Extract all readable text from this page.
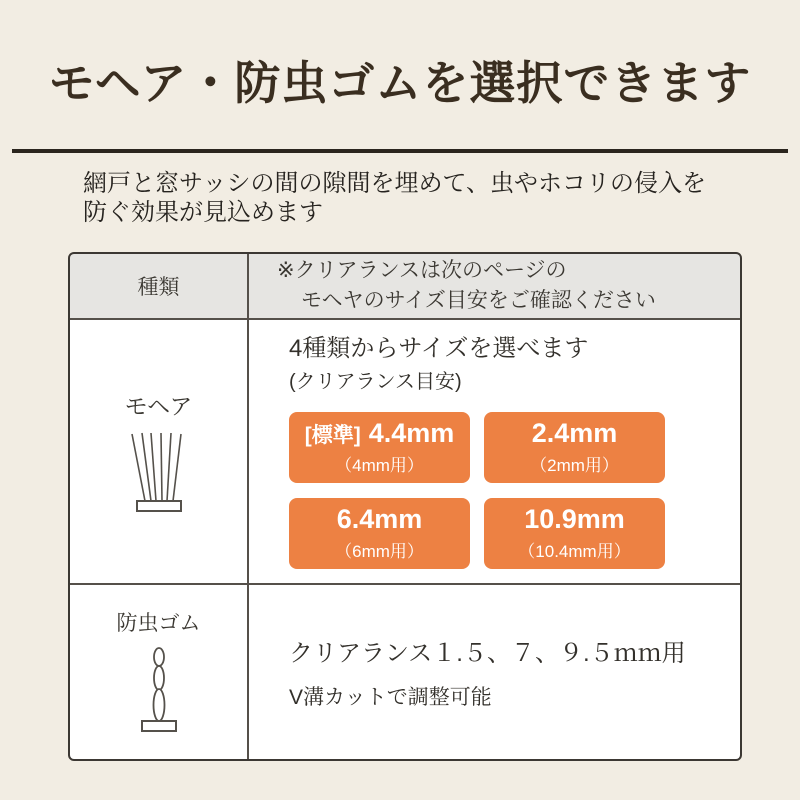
モヘア・防虫ゴムを選択できます
網戸と窓サッシの間の隙間を埋めて、虫やホコリの侵入を
防ぐ効果が見込めます
種類
※クリアランスは次のページの
モヘヤのサイズ目安をご確認ください
モヘア
4種類からサイズを選べます
(クリアランス目安)
[標準] 4.4mm
（4mm用）
2.4mm
（2mm用）
6.4mm
（6mm用）
10.9mm
（10.4mm用）
防虫ゴム
クリアランス１.５、７、９.５ｍｍ用
V溝カットで調整可能
